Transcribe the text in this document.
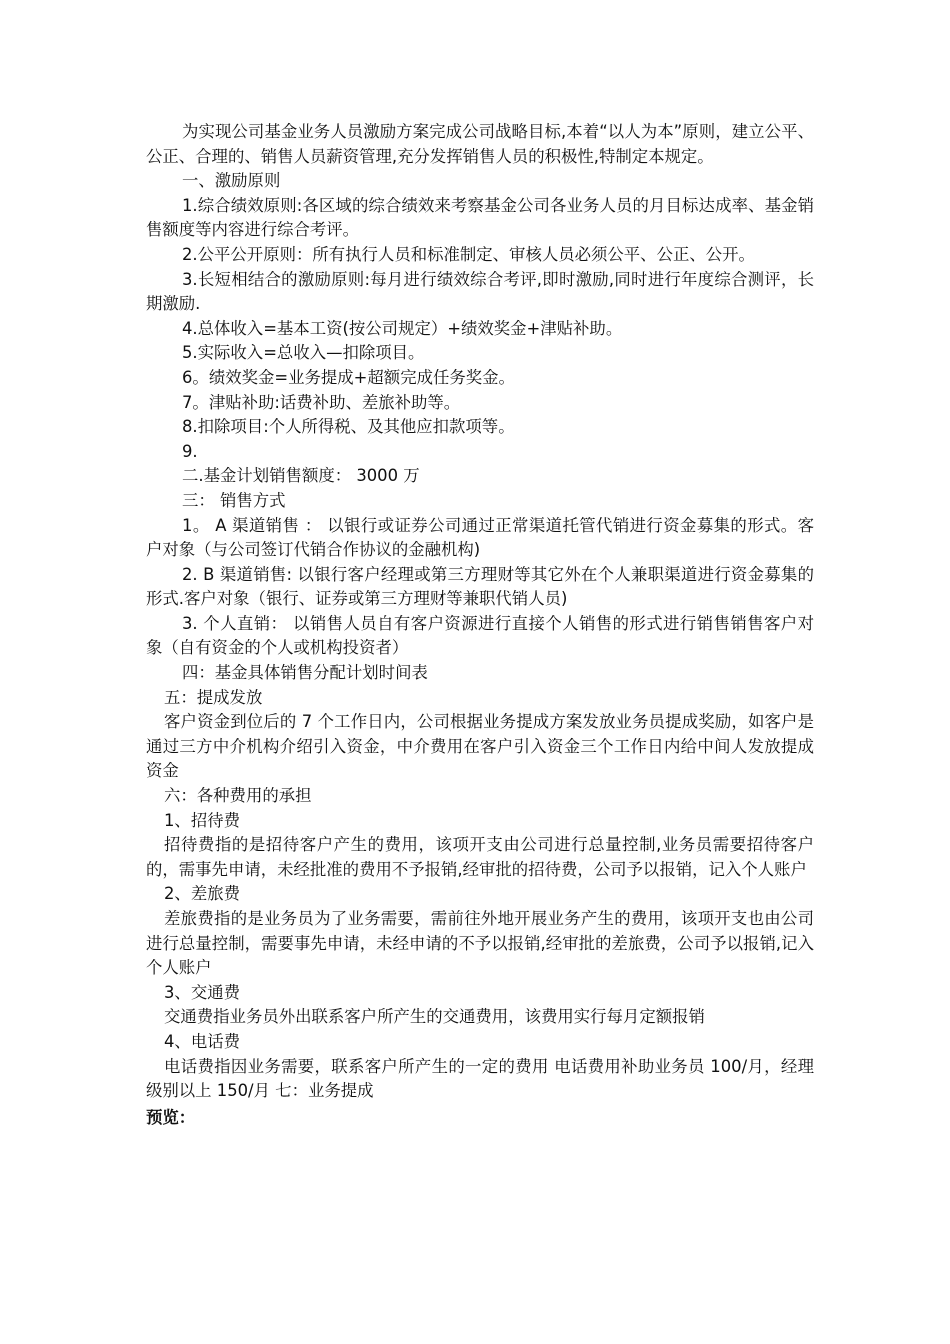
为实现公司基金业务人员激励方案完成公司战略目标,本着“以人为本”原则，建立公平、公正、合理的、销售人员薪资管理,充分发挥销售人员的积极性,特制定本规定。

一、激励原则

1.综合绩效原则:各区域的综合绩效来考察基金公司各业务人员的月目标达成率、基金销售额度等内容进行综合考评。

2.公平公开原则：所有执行人员和标准制定、审核人员必须公平、公正、公开。

3.长短相结合的激励原则:每月进行绩效综合考评,即时激励,同时进行年度综合测评，长期激励.

4.总体收入=基本工资(按公司规定）+绩效奖金+津贴补助。

5.实际收入=总收入—扣除项目。

6。绩效奖金=业务提成+超额完成任务奖金。

7。津贴补助:话费补助、差旅补助等。

8.扣除项目:个人所得税、及其他应扣款项等。

9.

二.基金计划销售额度： 3000 万

三： 销售方式

1。 A 渠道销售 ： 以银行或证券公司通过正常渠道托管代销进行资金募集的形式。客户对象（与公司签订代销合作协议的金融机构)

2. B 渠道销售: 以银行客户经理或第三方理财等其它外在个人兼职渠道进行资金募集的形式.客户对象（银行、证券或第三方理财等兼职代销人员)

3. 个人直销： 以销售人员自有客户资源进行直接个人销售的形式进行销售销售客户对象（自有资金的个人或机构投资者）

四：基金具体销售分配计划时间表

五：提成发放

客户资金到位后的 7 个工作日内，公司根据业务提成方案发放业务员提成奖励，如客户是通过三方中介机构介绍引入资金，中介费用在客户引入资金三个工作日内给中间人发放提成资金

六：各种费用的承担

1、招待费

招待费指的是招待客户产生的费用，该项开支由公司进行总量控制,业务员需要招待客户的，需事先申请，未经批准的费用不予报销,经审批的招待费，公司予以报销，记入个人账户

2、差旅费

差旅费指的是业务员为了业务需要，需前往外地开展业务产生的费用，该项开支也由公司进行总量控制，需要事先申请，未经申请的不予以报销,经审批的差旅费，公司予以报销,记入个人账户

3、交通费

交通费指业务员外出联系客户所产生的交通费用，该费用实行每月定额报销

4、电话费

电话费指因业务需要，联系客户所产生的一定的费用 电话费用补助业务员 100/月，经理级别以上 150/月 七：业务提成

预览：
